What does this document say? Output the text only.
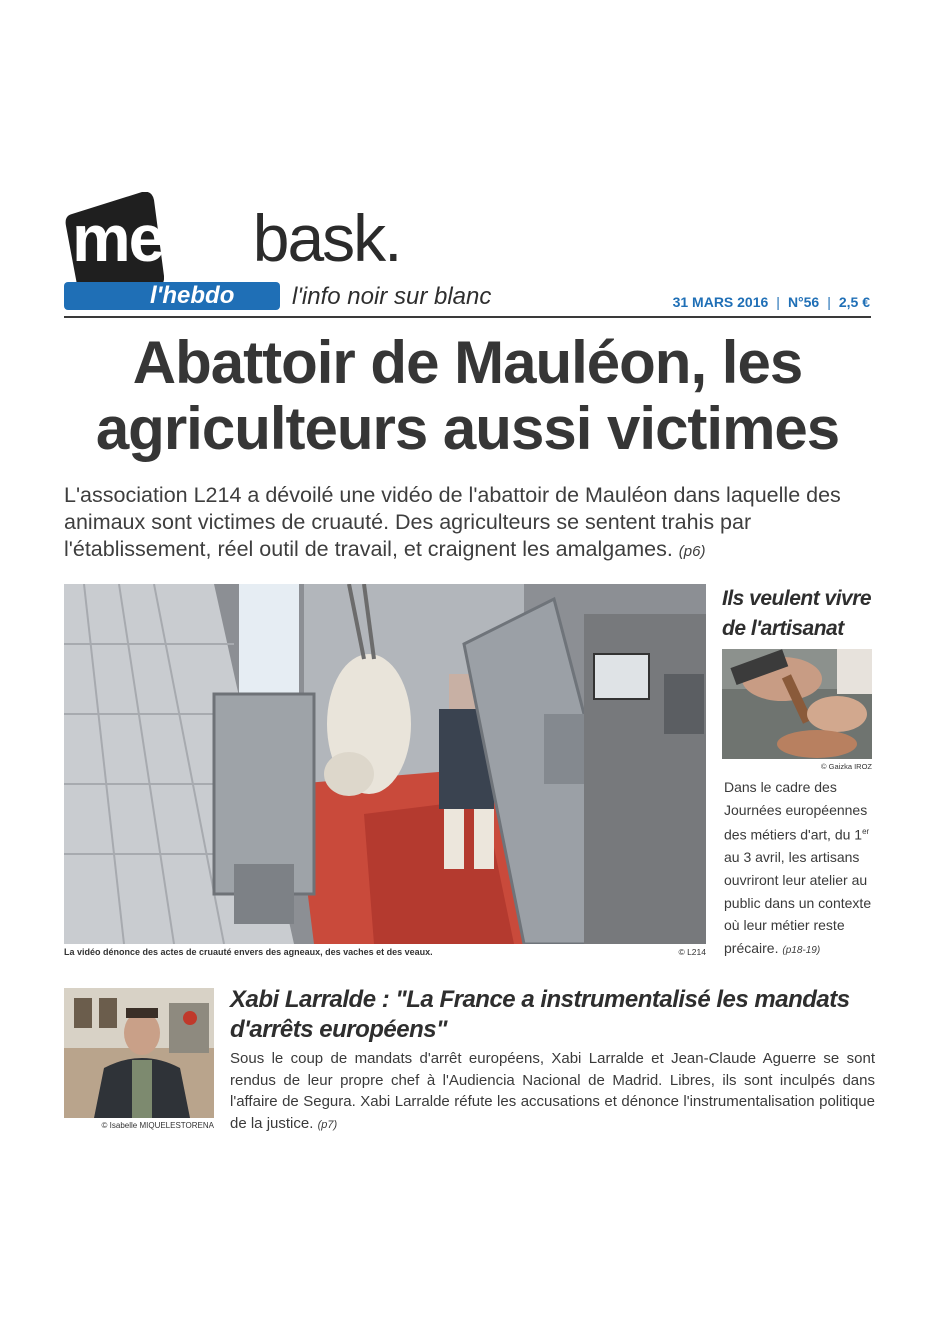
mediabask.
l'hebdo	l'info noir sur blanc	31 MARS 2016 | N°56 | 2,5 €
Abattoir de Mauléon, les agriculteurs aussi victimes
L'association L214 a dévoilé une vidéo de l'abattoir de Mauléon dans laquelle des animaux sont victimes de cruauté. Des agriculteurs se sentent trahis par l'établissement, réel outil de travail, et craignent les amalgames. (p6)
La vidéo dénonce des actes de cruauté envers des agneaux, des vaches et des veaux.	© L214
Ils veulent vivre de l'artisanat
© Gaizka IROZ
Dans le cadre des Journées européennes des métiers d'art, du 1er au 3 avril, les artisans ouvriront leur atelier au public dans un contexte où leur métier reste précaire. (p18-19)
© Isabelle MIQUELESTORENA
Xabi Larralde : "La France a instrumentalisé les mandats d'arrêts européens"
Sous le coup de mandats d'arrêt européens, Xabi Larralde et Jean-Claude Aguerre se sont rendus de leur propre chef à l'Audiencia Nacional de Madrid. Libres, ils sont inculpés dans l'affaire de Segura. Xabi Larralde réfute les accusations et dénonce l'instrumentalisation politique de la justice. (p7)
